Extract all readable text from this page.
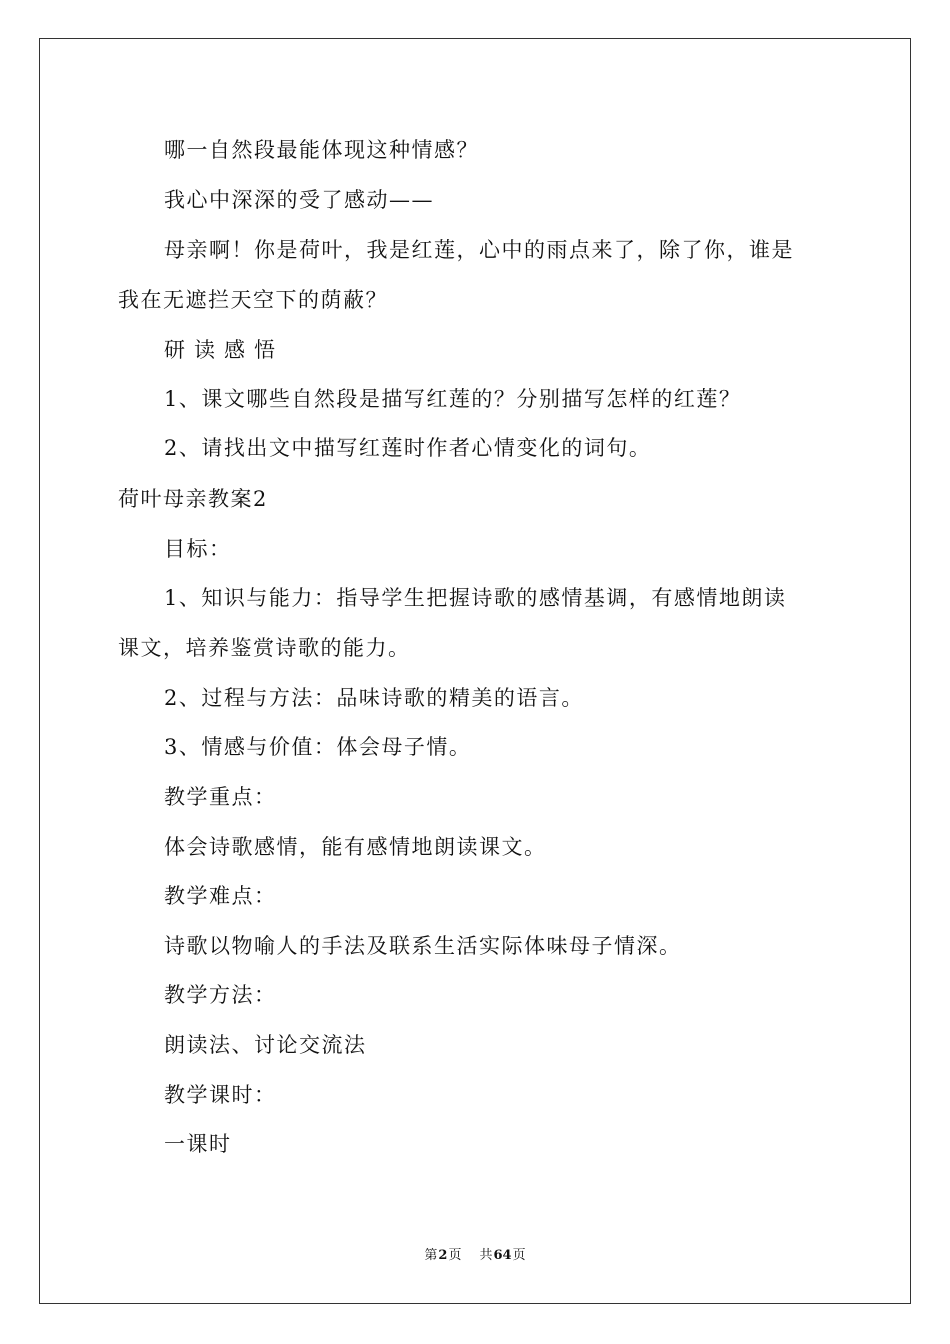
哪一自然段最能体现这种情感？
我心中深深的受了感动——
母亲啊！你是荷叶，我是红莲，心中的雨点来了，除了你，谁是
我在无遮拦天空下的荫蔽？
研读感悟
1、课文哪些自然段是描写红莲的？分别描写怎样的红莲？
2、请找出文中描写红莲时作者心情变化的词句。
荷叶母亲教案2
目标：
1、知识与能力：指导学生把握诗歌的感情基调，有感情地朗读
课文，培养鉴赏诗歌的能力。
2、过程与方法：品味诗歌的精美的语言。
3、情感与价值：体会母子情。
教学重点：
体会诗歌感情，能有感情地朗读课文。
教学难点：
诗歌以物喻人的手法及联系生活实际体味母子情深。
教学方法：
朗读法、讨论交流法
教学课时：
一课时
第2页 共64页
